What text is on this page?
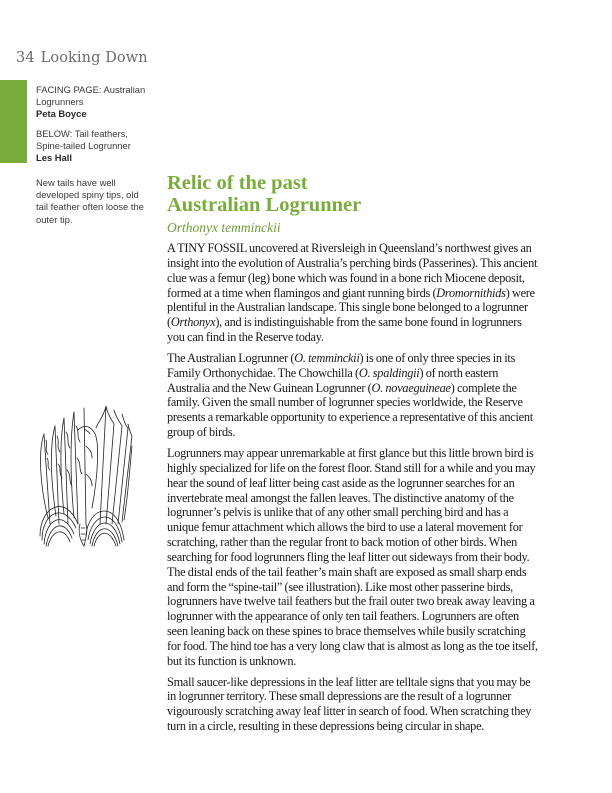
34 Looking Down

FACING PAGE: Australian Logrunners
Peta Boyce

BELOW: Tail feathers, Spine-tailed Logrunner
Les Hall

New tails have well developed spiny tips, old tail feather often loose the outer tip.
Relic of the past
Australian Logrunner
Orthonyx temminckii

A TINY FOSSIL uncovered at Riversleigh in Queensland’s northwest gives an insight into the evolution of Australia’s perching birds (Passerines). This ancient clue was a femur (leg) bone which was found in a bone rich Miocene deposit, formed at a time when flamingos and giant running birds (Dromornithids) were plentiful in the Australian landscape. This single bone belonged to a logrunner (Orthonyx), and is indistinguishable from the same bone found in logrunners you can find in the Reserve today.

The Australian Logrunner (O. temminckii) is one of only three species in its Family Orthonychidae. The Chowchilla (O. spaldingii) of north eastern Australia and the New Guinean Logrunner (O. novaeguineae) complete the family. Given the small number of logrunner species worldwide, the Reserve presents a remarkable opportunity to experience a representative of this ancient group of birds.

Logrunners may appear unremarkable at first glance but this little brown bird is highly specialized for life on the forest floor. Stand still for a while and you may hear the sound of leaf litter being cast aside as the logrunner searches for an invertebrate meal amongst the fallen leaves. The distinctive anatomy of the logrunner’s pelvis is unlike that of any other small perching bird and has a unique femur attachment which allows the bird to use a lateral movement for scratching, rather than the regular front to back motion of other birds. When searching for food logrunners fling the leaf litter out sideways from their body. The distal ends of the tail feather’s main shaft are exposed as small sharp ends and form the “spine-tail” (see illustration). Like most other passerine birds, logrunners have twelve tail feathers but the frail outer two break away leaving a logrunner with the appearance of only ten tail feathers. Logrunners are often seen leaning back on these spines to brace themselves while busily scratching for food. The hind toe has a very long claw that is almost as long as the toe itself, but its function is unknown.

Small saucer-like depressions in the leaf litter are telltale signs that you may be in logrunner territory. These small depressions are the result of a logrunner vigourously scratching away leaf litter in search of food. When scratching they turn in a circle, resulting in these depressions being circular in shape.
